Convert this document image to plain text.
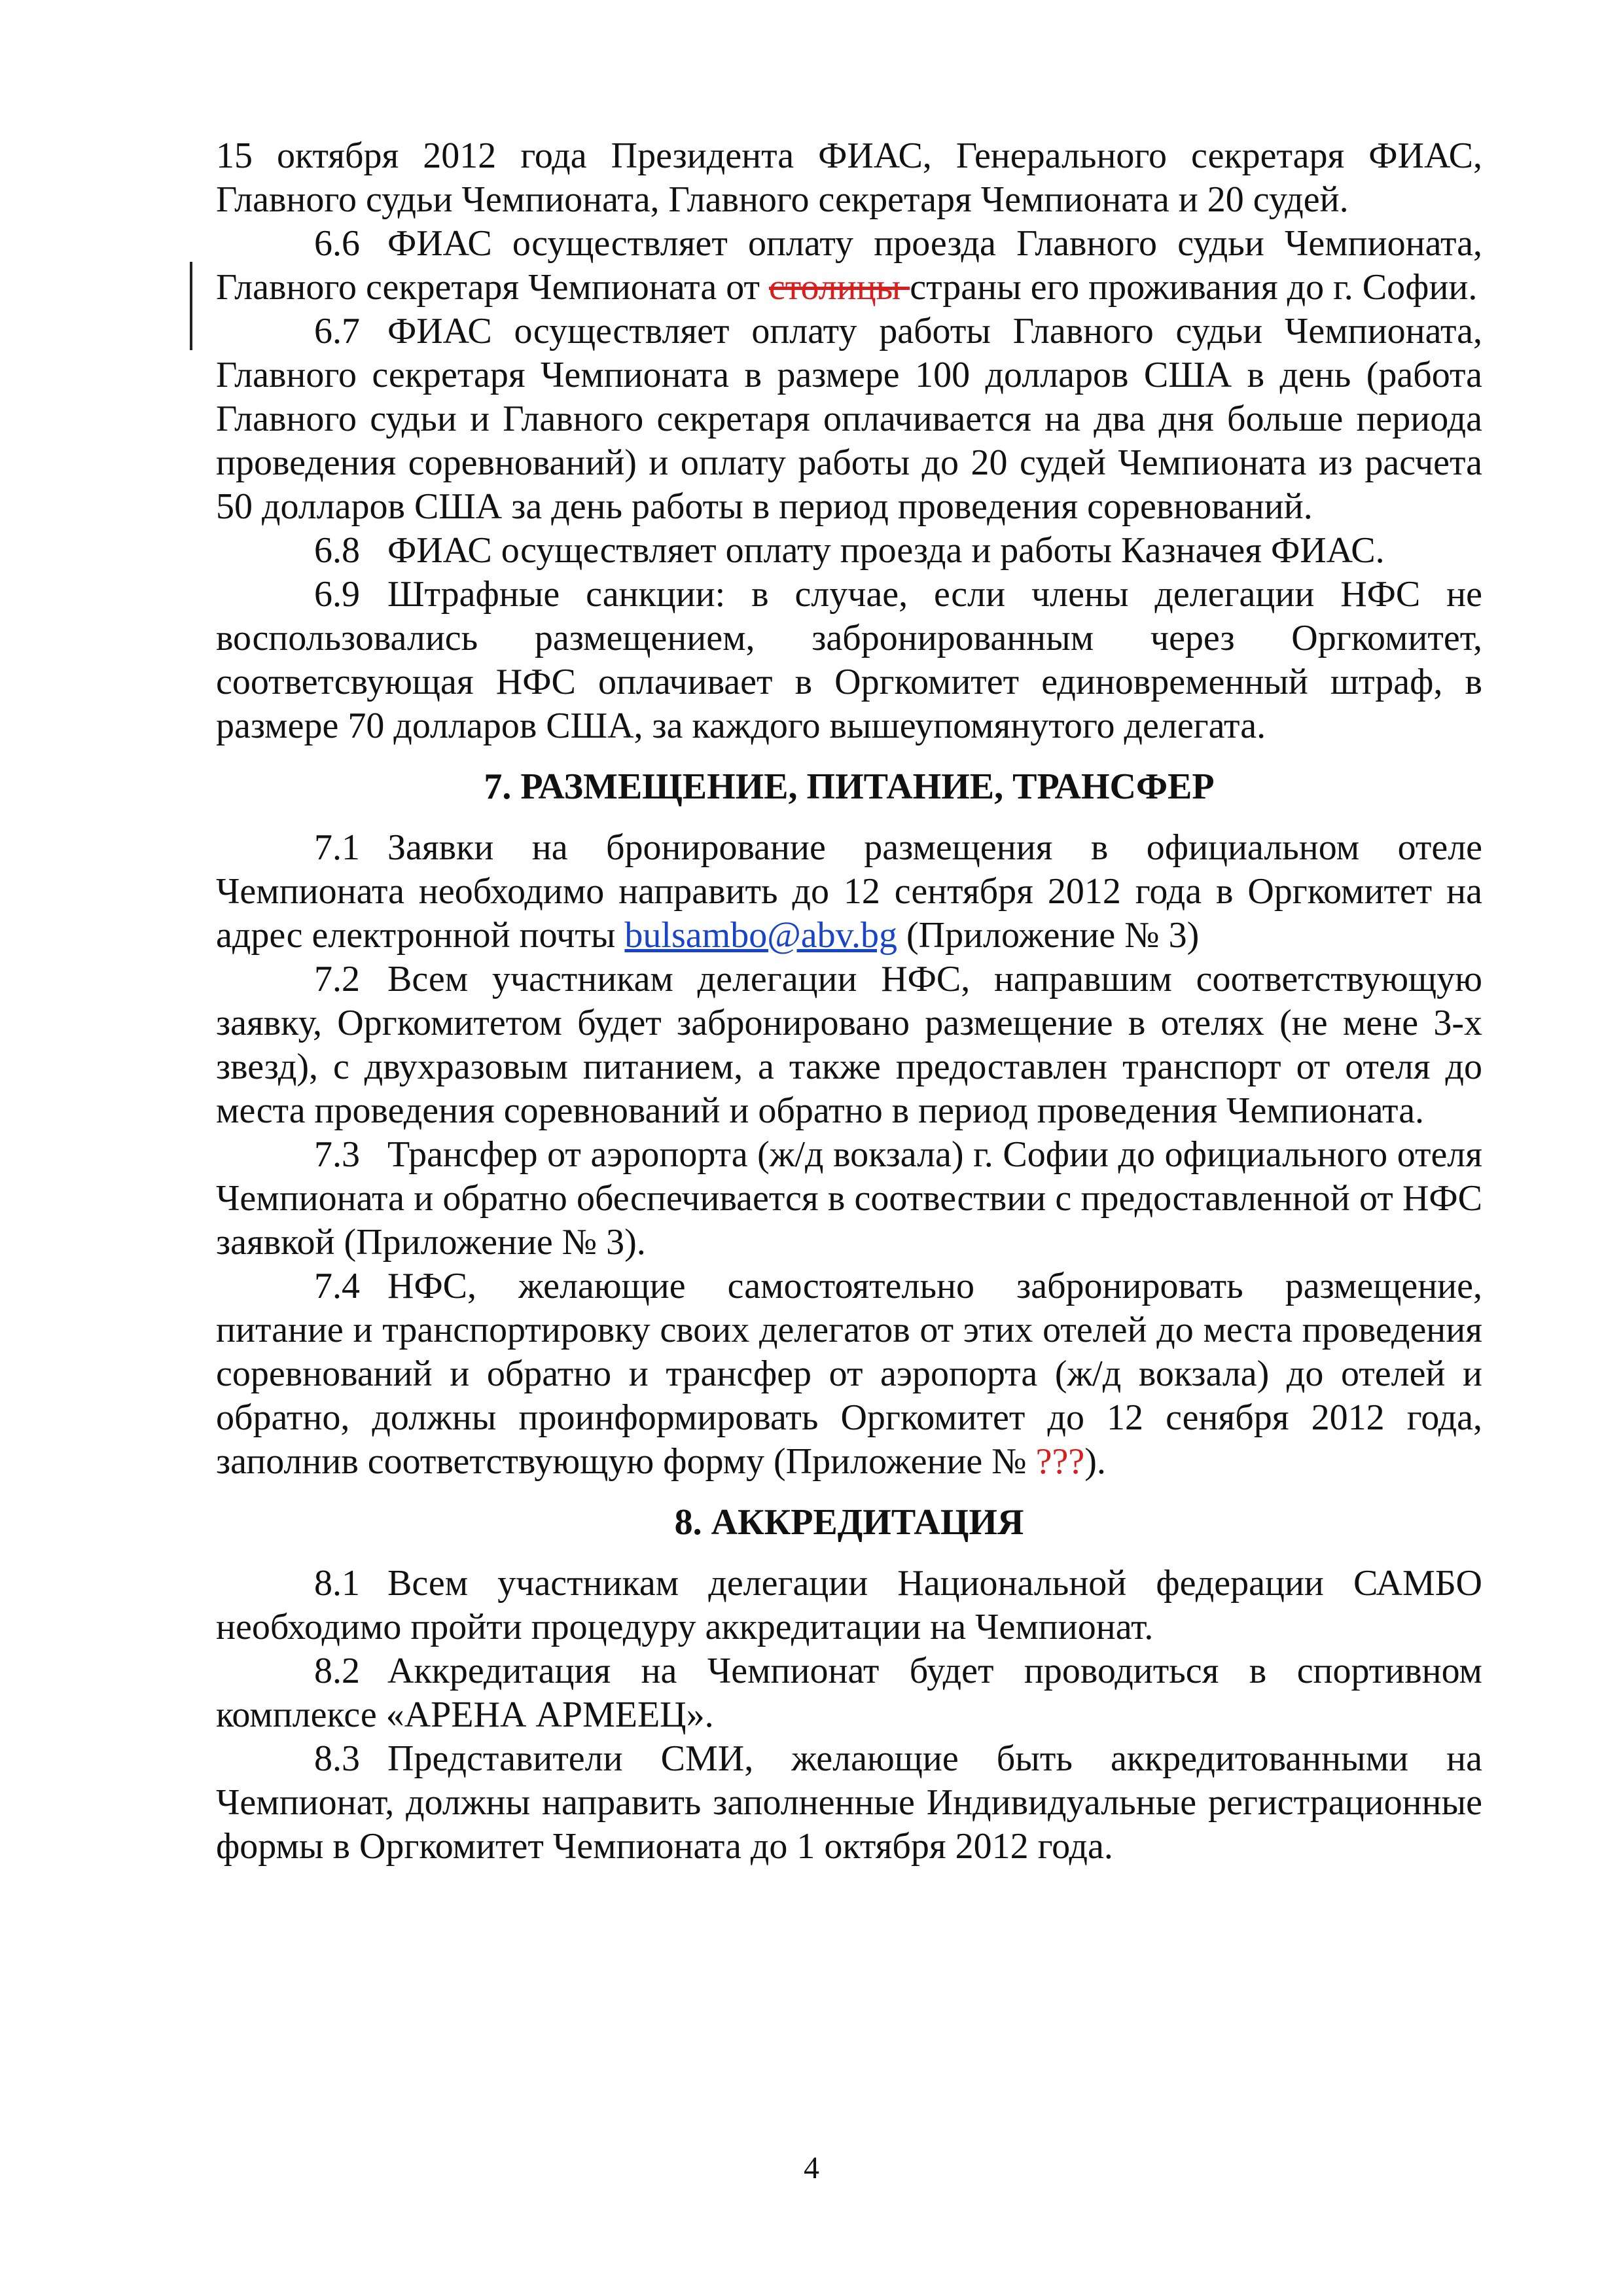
15 октября 2012 года Президента ФИАС, Генерального секретаря ФИАС, Главного судьи Чемпионата, Главного секретаря Чемпионата и 20 судей.

6.6 ФИАС осуществляет оплату проезда Главного судьи Чемпионата, Главного секретаря Чемпионата от столицы страны его проживания до г. Софии.

6.7 ФИАС осуществляет оплату работы Главного судьи Чемпионата, Главного секретаря Чемпионата в размере 100 долларов США в день (работа Главного судьи и Главного секретаря оплачивается на два дня больше периода проведения соревнований) и оплату работы до 20 судей Чемпионата из расчета 50 долларов США за день работы в период проведения соревнований.

6.8 ФИАС осуществляет оплату проезда и работы Казначея ФИАС.

6.9 Штрафные санкции: в случае, если члены делегации НФС не воспользовались размещением, забронированным через Оргкомитет, соответсвующая НФС оплачивает в Оргкомитет единовременный штраф, в размере 70 долларов США, за каждого вышеупомянутого делегата.

7. РАЗМЕЩЕНИЕ, ПИТАНИЕ, ТРАНСФЕР

7.1 Заявки на бронирование размещения в официальном отеле Чемпионата необходимо направить до 12 сентября 2012 года в Оргкомитет на адрес електронной почты bulsambo@abv.bg (Приложение № 3)

7.2 Всем участникам делегации НФС, направшим соответствующую заявку, Оргкомитетом будет забронировано размещение в отелях (не мене 3-х звезд), с двухразовым питанием, а также предоставлен транспорт от отеля до места проведения соревнований и обратно в период проведения Чемпионата.

7.3 Трансфер от аэропорта (ж/д вокзала) г. Софии до официального отеля Чемпионата и обратно обеспечивается в соотвествии с предоставленной от НФС заявкой (Приложение № 3).

7.4 НФС, желающие самостоятельно забронировать размещение, питание и транспортировку своих делегатов от этих отелей до места проведения соревнований и обратно и трансфер от аэропорта (ж/д вокзала) до отелей и обратно, должны проинформировать Оргкомитет до 12 сенября 2012 года, заполнив соответствующую форму (Приложение № ???).

8. АККРЕДИТАЦИЯ

8.1 Всем участникам делегации Национальной федерации САМБО необходимо пройти процедуру аккредитации на Чемпионат.

8.2 Аккредитация на Чемпионат будет проводиться в спортивном комплексе «АРЕНА АРМЕЕЦ».

8.3 Представители СМИ, желающие быть аккредитованными на Чемпионат, должны направить заполненные Индивидуальные регистрационные формы в Оргкомитет Чемпионата до 1 октября 2012 года.

4
